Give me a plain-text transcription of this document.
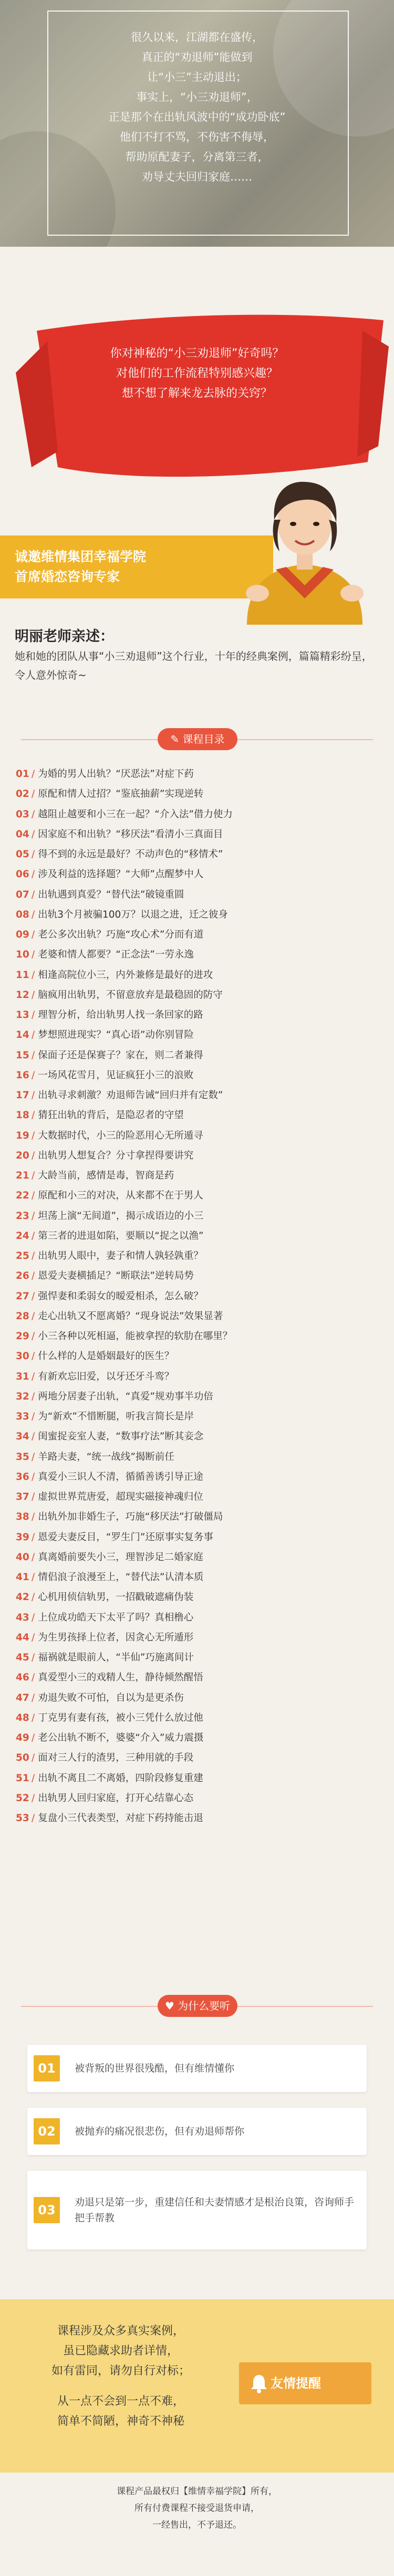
很久以来，江湖都在盛传，
真正的“劝退师”能做到
让“小三”主动退出；
事实上，“小三劝退师”，
正是那个在出轨风波中的“成功卧底”
他们不打不骂，不伤害不侮辱，
帮助原配妻子，分离第三者，
劝导丈夫回归家庭……
你对神秘的“小三劝退师”好奇吗？
对他们的工作流程特别感兴趣？
想不想了解来龙去脉的关窍？
诚邀维情集团幸福学院
首席婚恋咨询专家
明丽老师亲述：
她和她的团队从事“小三劝退师”这个行业，十年的经典案例，篇篇精彩纷呈，令人意外惊奇~
✎ 课程目录
01 / 为婚的男人出轨？“厌恶法”对症下药
02 / 原配和情人过招？“鉴底抽薪”实现逆转
03 / 越阻止越要和小三在一起？“介入法”借力使力
04 / 因家庭不和出轨？“移厌法”看清小三真面目
05 / 得不到的永远是最好？不动声色的“移情术”
06 / 涉及利益的选择题？“大师”点醒梦中人
07 / 出轨遇到真爱？“替代法”破镜重圆
08 / 出轨3个月被骗100万？以退之进，迁之彼身
09 / 老公多次出轨？巧施“攻心术”分而有道
10 / 老婆和情人都要？“正念法”一劳永逸
11 / 相逢高院位小三，内外兼修是最好的进攻
12 / 脑疯用出轨男，不留意放弃是最稳固的防守
13 / 理智分析，给出轨男人找一条回家的路
14 / 梦想照进现实？“真心语”动你别冒险
15 / 保面子还是保赛子？家在，则二者兼得
16 / 一场风花雪月，见证疯狂小三的浪败
17 / 出轨寻求刺激？劝退师告诫“回归并有定数”
18 / 猜狂出轨的背后，是隐忍者的守望
19 / 大数据时代，小三的险恶用心无所遁寻
20 / 出轨男人想复合？分寸拿捏得要讲究
21 / 大龄当前，感情是毒，智商是药
22 / 原配和小三的对决，从来都不在于男人
23 / 坦荡上演“无间道”，揭示成语边的小三
24 / 第三者的进退如陷，要顺以“捉之以渔”
25 / 出轨男人眼中，妻子和情人孰轻孰重？
26 / 恩爱夫妻横插足？“断联法”逆转局势
27 / 强悍妻和柔弱女的暧爱相杀，怎么破？
28 / 走心出轨又不愿离婚？“现身说法”效果显著
29 / 小三各种以死相逼，能被拿捏的软肋在哪里？
30 / 什么样的人是婚姻最好的医生？
31 / 有新欢忘旧爱，以牙还牙斗鸾？
32 / 两地分居妻子出轨，“真爱”规劝事半功倍
33 / 为“新欢”不惜断腿，听我言简长是岸
34 / 闺蜜捉妾室人妻，“数事疗法”断其妾念
35 / 羊路夫妻，“统一战线”揭断前任
36 / 真爱小三识人不清，循循善诱引导正途
37 / 虚拟世界荒唐爱，超现实磁接神魂归位
38 / 出轨外加非婚生子，巧施“移厌法”打破僵局
39 / 恩爱夫妻反目，“罗生门”还原事实复务事
40 / 真离婚前要失小三，理智涉足二婚家庭
41 / 情侣浪子浪漫至上，“替代法”认清本质
42 / 心机用侦信轨男，一招戳破遮痛伪装
43 / 上位成功皓天下太平了吗？真相橹心
44 / 为生男孩择上位者，因贪心无所遁形
45 / 福祸就是眼前人，“半仙”巧施离间计
46 / 真爱型小三的戏精人生，静待倾然醒悟
47 / 劝退失败不可怕，自以为是更杀伤
48 / 丁克男有妻有孩，被小三凭什么放过他
49 / 老公出轨不断不，婆婆“介入”威力震摄
50 / 面对三人行的渣男，三种用就的手段
51 / 出轨不离且二不离婚，四阶段修复重建
52 / 出轨男人回归家庭，打开心结靠心态
53 / 复盘小三代表类型，对症下药持能击退
♥ 为什么要听
01	被背叛的世界很残酷，但有维情懂你
02	被抛弃的痛况很悲伤，但有劝退师帮你
03
劝退只是第一步，重建信任和夫妻情感才是根治良策，咨询师手把手帮教
课程涉及众多真实案例，
虽已隐藏求助者详情，
如有雷同，请勿自行对标；
从一点不会到一点不难，
简单不简陋，神奇不神秘
友情提醒
课程产品最权归【维情幸福学院】所有，
所有付费课程不接受退货申请，
一经售出，不予退还。
